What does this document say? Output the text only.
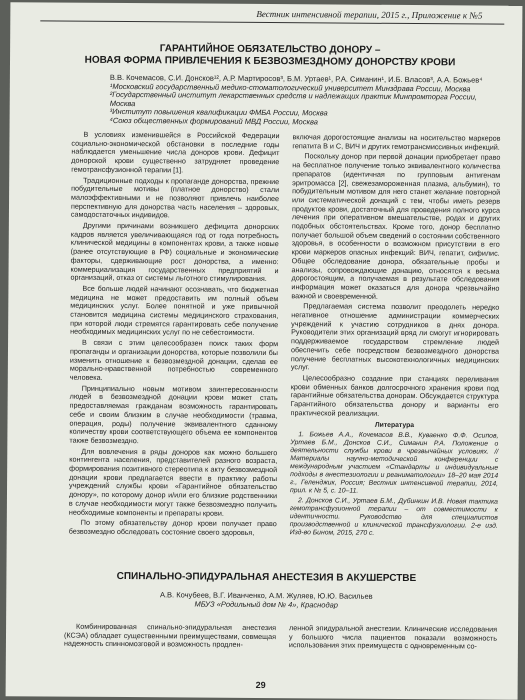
Вестник интенсивной терапии, 2015 г., Приложение к №5
ГАРАНТИЙНОЕ ОБЯЗАТЕЛЬСТВО ДОНОРУ –
НОВАЯ ФОРМА ПРИВЛЕЧЕНИЯ К БЕЗВОЗМЕЗДНОМУ ДОНОРСТВУ КРОВИ
В.В. Кочемасов, С.И. Донсков¹², А.Р. Мартиросов³, Б.М. Уртаев¹, Р.А. Симанин¹, И.Б. Власов³, А.А. Божьев⁴
¹Московский государственный медико-стоматологический университет Минздрава России, Москва
²Государственный институт лекарственных средств и надлежащих практик Минпромторга России, Москва
³Институт повышения квалификации ФМБА России, Москва
⁴Союз общественных формирований МВД России, Москва

В условиях изменившейся в Российской Федерации социально-экономической обстановки в последние годы наблюдается уменьшение числа доноров крови. Дефицит донорской крови существенно затрудняет проведение гемотрансфузионной терапии [1].

Традиционные подходы к пропаганде донорства, прежние побудительные мотивы (платное донорство) стали малоэффективными и не позволяют привлечь наиболее перспективную для донорства часть населения – здоровых, самодостаточных индивидов.

Другими причинами возникшего дефицита донорских кадров является увеличивающаяся год от года потребность клинической медицины в компонентах крови, а также новые (ранее отсутствующие в РФ) социальные и экономические факторы, сдерживающие рост донорства, а именно: коммерциализация государственных предприятий и организаций, отказ от системы льготного стимулирования.

Все больше людей начинают осознавать, что бюджетная медицина не может предоставить им полный объем медицинских услуг. Более понятной и уже привычной становится медицина системы медицинского страхования, при которой люди стремятся гарантировать себе получение необходимых медицинских услуг по не себестоимости.

В связи с этим целесообразен поиск таких форм пропаганды и организации донорства, которые позволили бы изменить отношение к безвозмездной донации, сделав ее морально-нравственной потребностью современного человека.

Принципиально новым мотивом заинтересованности людей в безвозмездной донации крови может стать предоставляемая гражданам возможность гарантировать себе и своим близким в случае необходимости (травма, операция, роды) получение эквивалентного сданному количеству крови соответствующего объема ее компонентов также безвозмездно.

Для вовлечения в ряды доноров как можно большего контингента населения, представителей разного возраста, формирования позитивного стереотипа к акту безвозмездной донации крови предлагается ввести в практику работы учреждений службы крови «Гарантийное обязательство донору», по которому донор и/или его близкие родственники в случае необходимости могут также безвозмездно получить необходимые компоненты и препараты крови.

По этому обязательству донор крови получает право безвозмездно обследовать состояние своего здоровья,

включая дорогостоящие анализы на носительство маркеров гепатита В и С, ВИЧ и других гемотрансмиссивных инфекций.

Поскольку донор при первой донации приобретает право на бесплатное получение только эквивалентного количества препаратов (идентичная по групповым антигенам эритромасса [2], свежезамороженная плазма, альбумин), то побудительным мотивом для него станет желание повторной или систематической донаций с тем, чтобы иметь резерв продуктов крови, достаточный для проведения полного курса лечения при оперативном вмешательстве, родах и других подобных обстоятельствах. Кроме того, донор бесплатно получает большой объем сведений о состоянии собственного здоровья, в особенности о возможном присутствии в его крови маркеров опасных инфекций: ВИЧ, гепатит, сифилис. Общее обследование донора, обязательные пробы и анализы, сопровождающие донацию, относятся к весьма дорогостоящим, а получаемая в результате обследования информация может оказаться для донора чрезвычайно важной и своевременной.

Предлагаемая система позволит преодолеть нередко негативное отношение администрации коммерческих учреждений к участию сотрудников в днях донора. Руководители этих организаций вряд ли смогут игнорировать поддерживаемое государством стремление людей обеспечить себе посредством безвозмездного донорства получение бесплатных высокотехнологичных медицинских услуг.

Целесообразно создание при станциях переливания крови обменных банков долгосрочного хранения крови под гарантийные обязательства донорам. Обсуждается структура Гарантийного обязательства донору и варианты его практической реализации.

Литература

1. Божьев А.А., Кочемасов В.В., Куваенко Ф.Ф. Осипов, Уртаев Б.М., Донсков С.И., Симанин Р.А. Положение о деятельности службы крови в чрезвычайных условиях. // Материалы научно-методической конференции с международным участием «Стандарты и индивидуальные подходы в анестезиологии и реаниматологии» 18–20 мая 2014 г., Геленджик, Россия; Вестник интенсивной терапии, 2014, прил. к № 5, с. 10–11.

2. Донсков С.И., Уртаев Б.М., Дубинкин И.В. Новая тактика гемотрансфузионной терапии – от совместимости к идентичности. Руководство для специалистов производственной и клинической трансфузиологии. 2-е изд. Изд-во Бином, 2015, 270 с.

СПИНАЛЬНО-ЭПИДУРАЛЬНАЯ АНЕСТЕЗИЯ В АКУШЕРСТВЕ
А.В. Кочубеев, В.Г. Иванченко, А.М. Жуляев, Ю.Ю. Васильев
МБУЗ «Родильный дом № 4», Краснодар

Комбинированная спинально-эпидуральная анестезия (КСЭА) обладает существенными преимуществами, совмещая надежность спинномозговой и возможность продлен-

ленной эпидуральной анестезии. Клинические исследования у большого числа пациентов показали возможность использования этих преимуществ с одновременным со-

29
